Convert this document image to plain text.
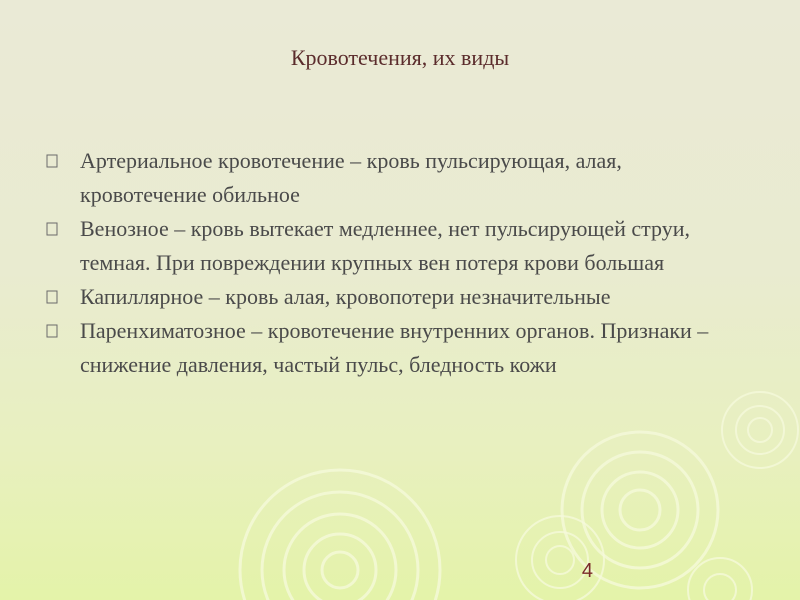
Кровотечения, их виды
Артериальное кровотечение – кровь пульсирующая, алая, кровотечение обильное
Венозное – кровь вытекает медленнее, нет пульсирующей струи, темная. При повреждении крупных вен потеря крови большая
Капиллярное – кровь алая, кровопотери незначительные
Паренхиматозное – кровотечение внутренних органов. Признаки – снижение давления, частый пульс, бледность кожи
4
